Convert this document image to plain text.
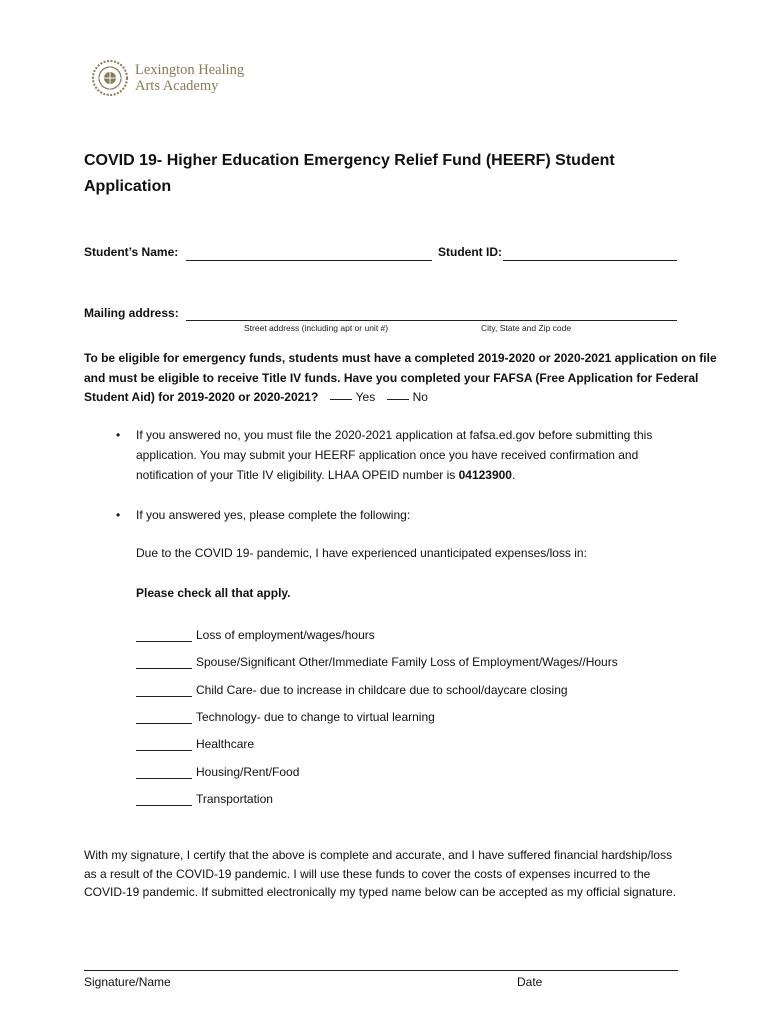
Lexington Healing
Arts Academy
COVID 19- Higher Education Emergency Relief Fund (HEERF) Student Application
Student’s Name:	Student ID:
Mailing address:
Street address (including apt or unit #)	City, State and Zip code
To be eligible for emergency funds, students must have a completed 2019-2020 or 2020-2021 application on file and must be eligible to receive Title IV funds. Have you completed your FAFSA (Free Application for Federal Student Aid) for 2019-2020 or 2020-2021?	Yes	No
• If you answered no, you must file the 2020-2021 application at fafsa.ed.gov before submitting this application. You may submit your HEERF application once you have received confirmation and notification of your Title IV eligibility. LHAA OPEID number is 04123900.
• If you answered yes, please complete the following:
Due to the COVID 19- pandemic, I have experienced unanticipated expenses/loss in:
Please check all that apply.
Loss of employment/wages/hours
Spouse/Significant Other/Immediate Family Loss of Employment/Wages//Hours
Child Care- due to increase in childcare due to school/daycare closing
Technology- due to change to virtual learning
Healthcare
Housing/Rent/Food
Transportation
With my signature, I certify that the above is complete and accurate, and I have suffered financial hardship/loss as a result of the COVID-19 pandemic. I will use these funds to cover the costs of expenses incurred to the COVID-19 pandemic. If submitted electronically my typed name below can be accepted as my official signature.
Signature/Name	Date
